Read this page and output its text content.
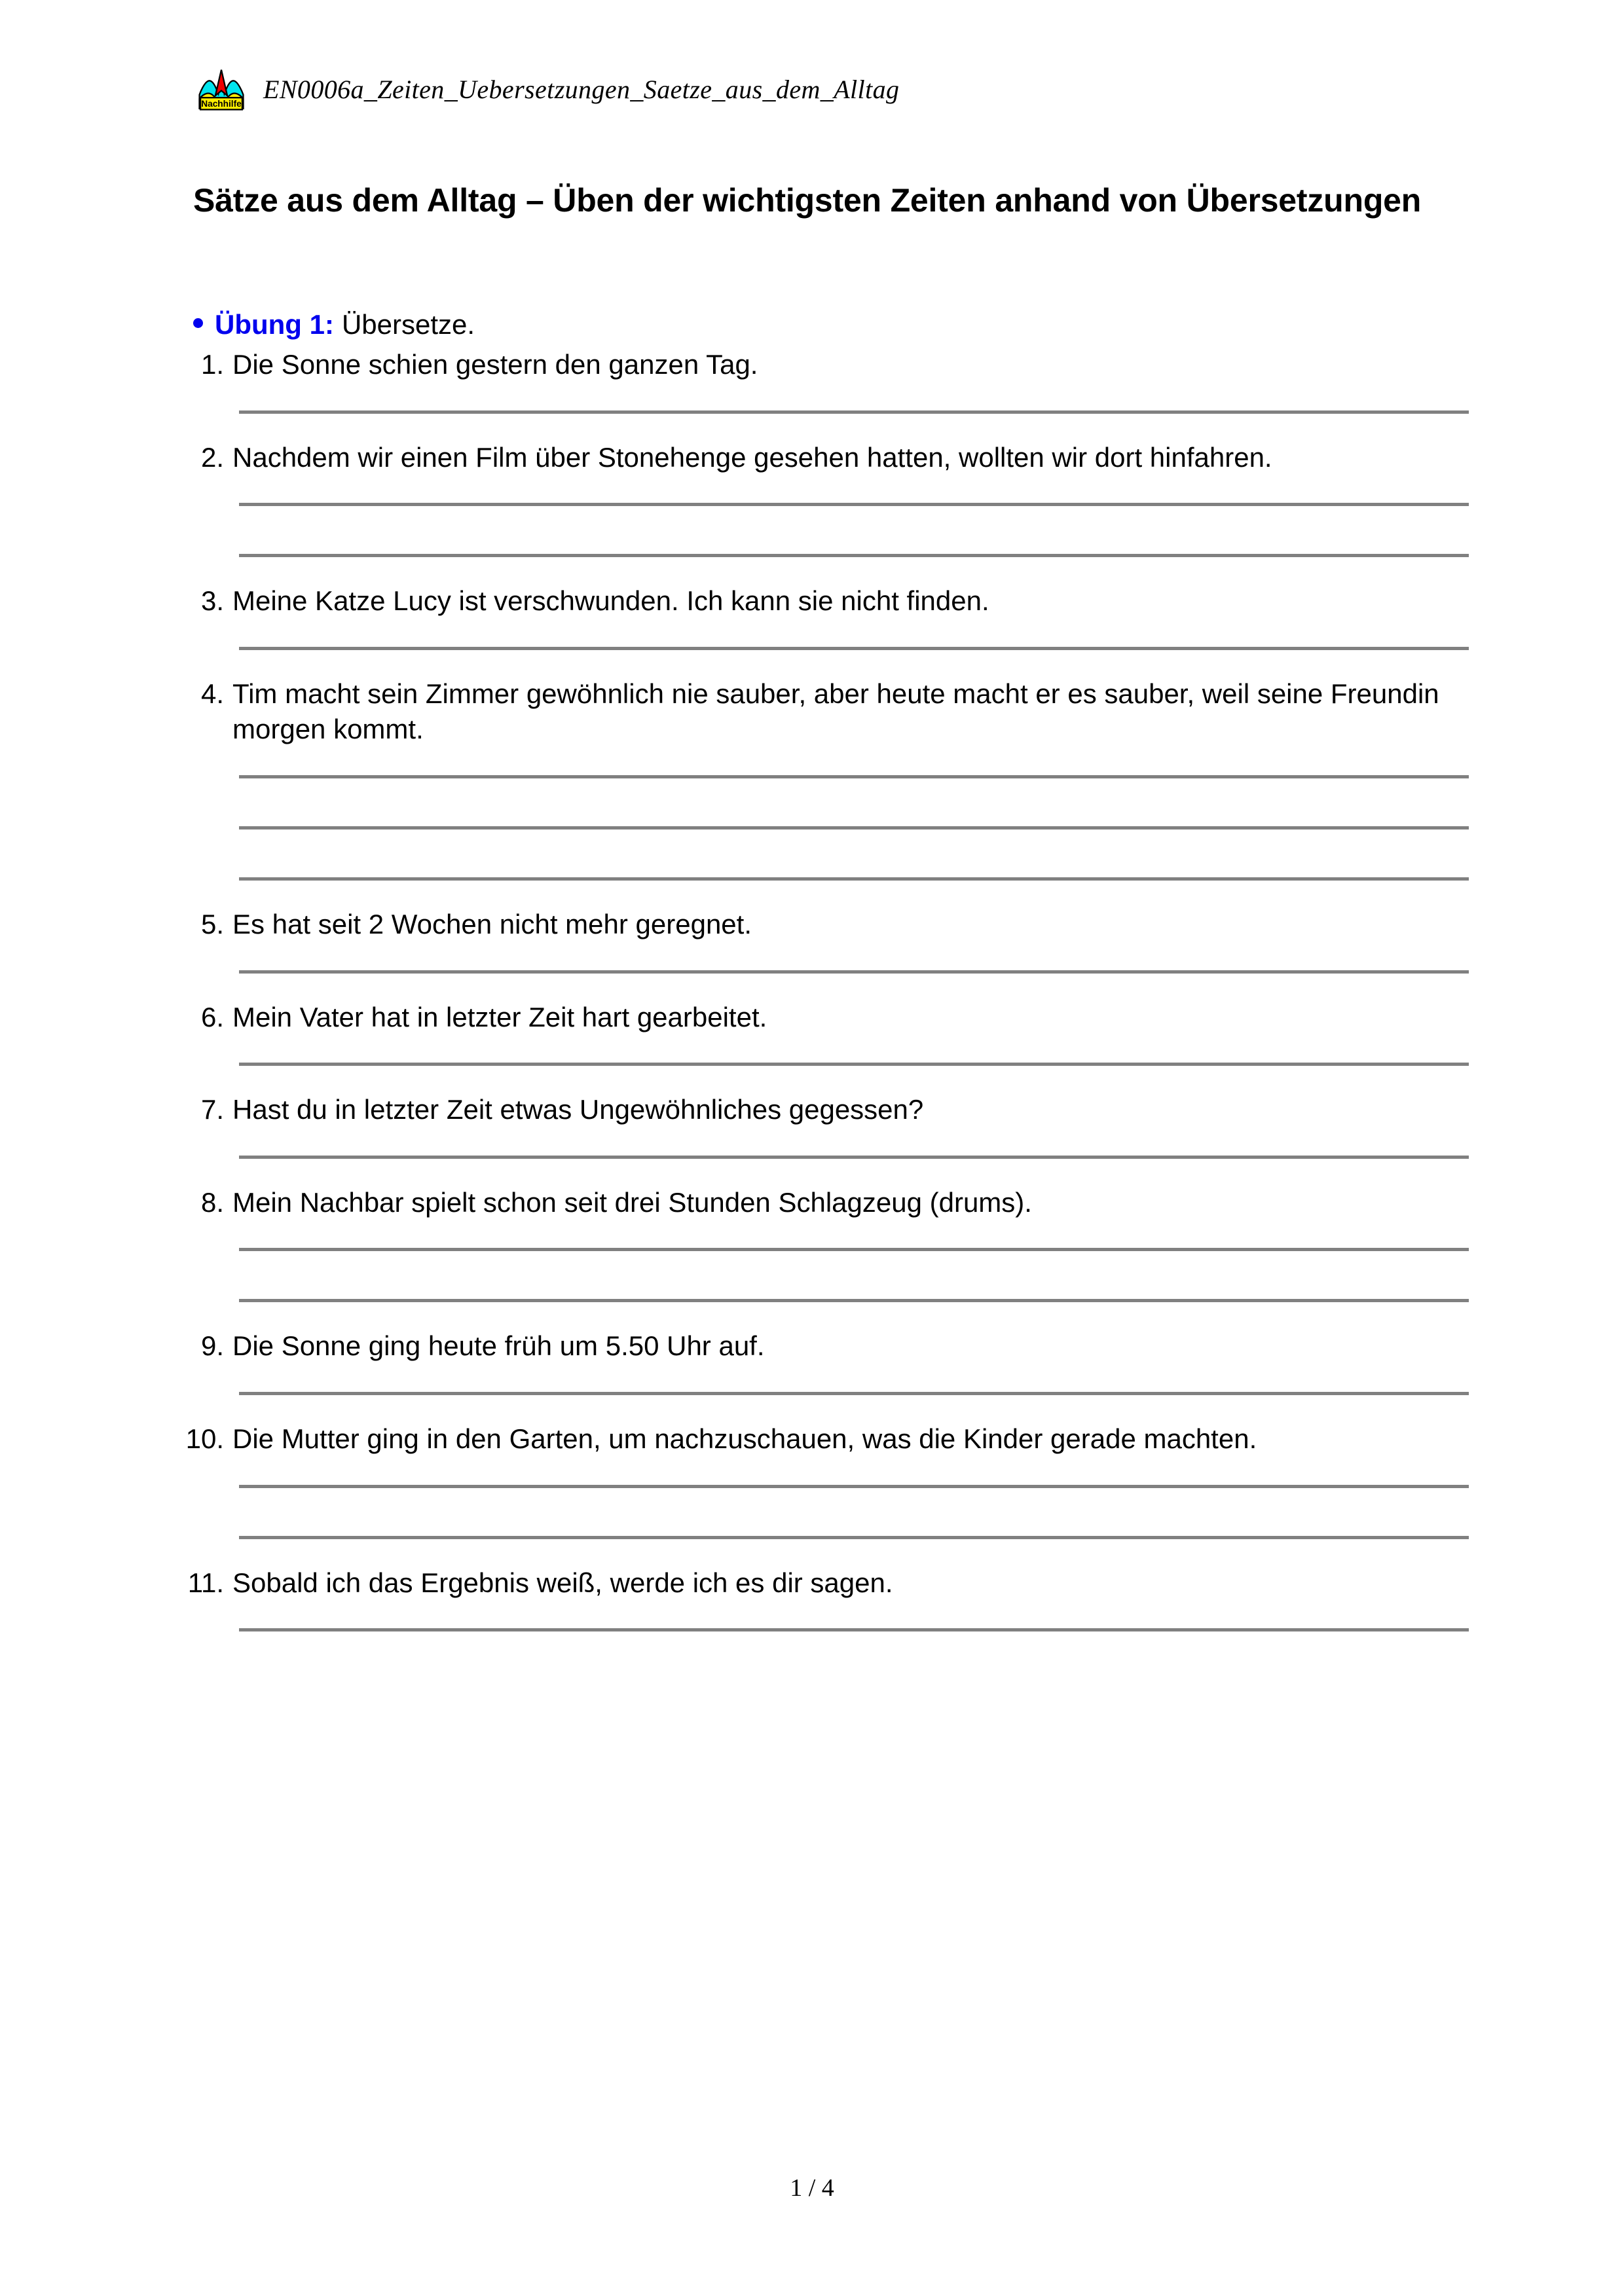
Nachhilfe EN0006a_Zeiten_Uebersetzungen_Saetze_aus_dem_Alltag
Sätze aus dem Alltag – Üben der wichtigsten Zeiten anhand von Übersetzungen
Übung 1: Übersetze.
1. Die Sonne schien gestern den ganzen Tag.
2. Nachdem wir einen Film über Stonehenge gesehen hatten, wollten wir dort hinfahren.
3. Meine Katze Lucy ist verschwunden. Ich kann sie nicht finden.
4. Tim macht sein Zimmer gewöhnlich nie sauber, aber heute macht er es sauber, weil seine Freundin morgen kommt.
5. Es hat seit 2 Wochen nicht mehr geregnet.
6. Mein Vater hat in letzter Zeit hart gearbeitet.
7. Hast du in letzter Zeit etwas Ungewöhnliches gegessen?
8. Mein Nachbar spielt schon seit drei Stunden Schlagzeug (drums).
9. Die Sonne ging heute früh um 5.50 Uhr auf.
10. Die Mutter ging in den Garten, um nachzuschauen, was die Kinder gerade machten.
11. Sobald ich das Ergebnis weiß, werde ich es dir sagen.
1 / 4
